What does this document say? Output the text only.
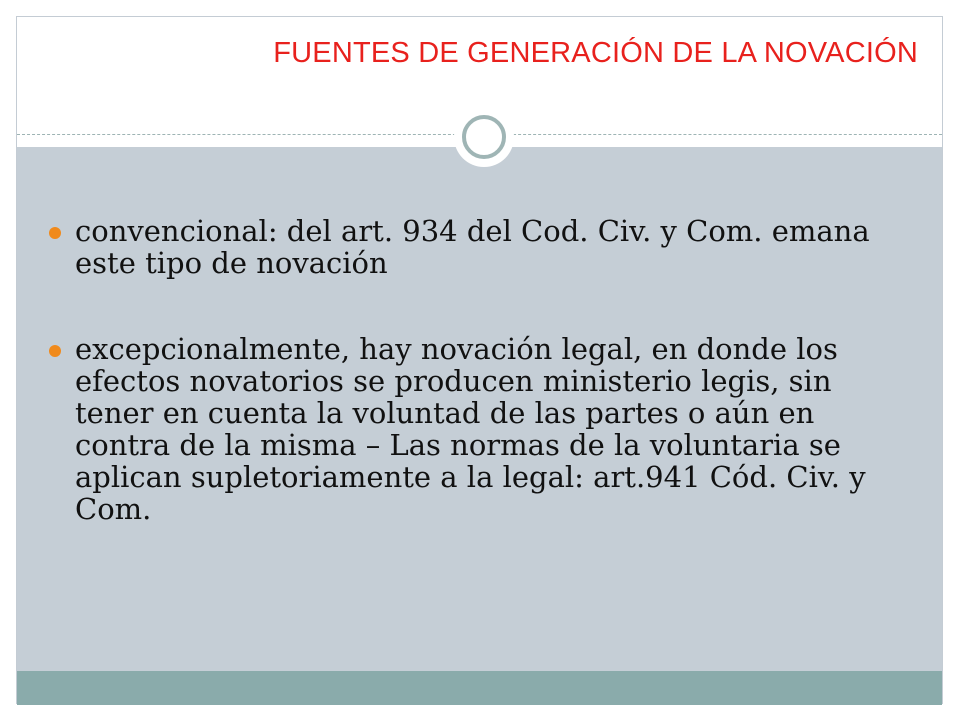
FUENTES DE GENERACIÓN DE LA NOVACIÓN
convencional: del art. 934 del Cod. Civ. y Com. emana este tipo de novación
excepcionalmente, hay novación legal, en donde los efectos novatorios se producen ministerio legis, sin tener en cuenta la voluntad de las partes o aún en contra de la misma – Las normas de la voluntaria se aplican supletoriamente a la legal: art.941 Cód. Civ. y Com.
